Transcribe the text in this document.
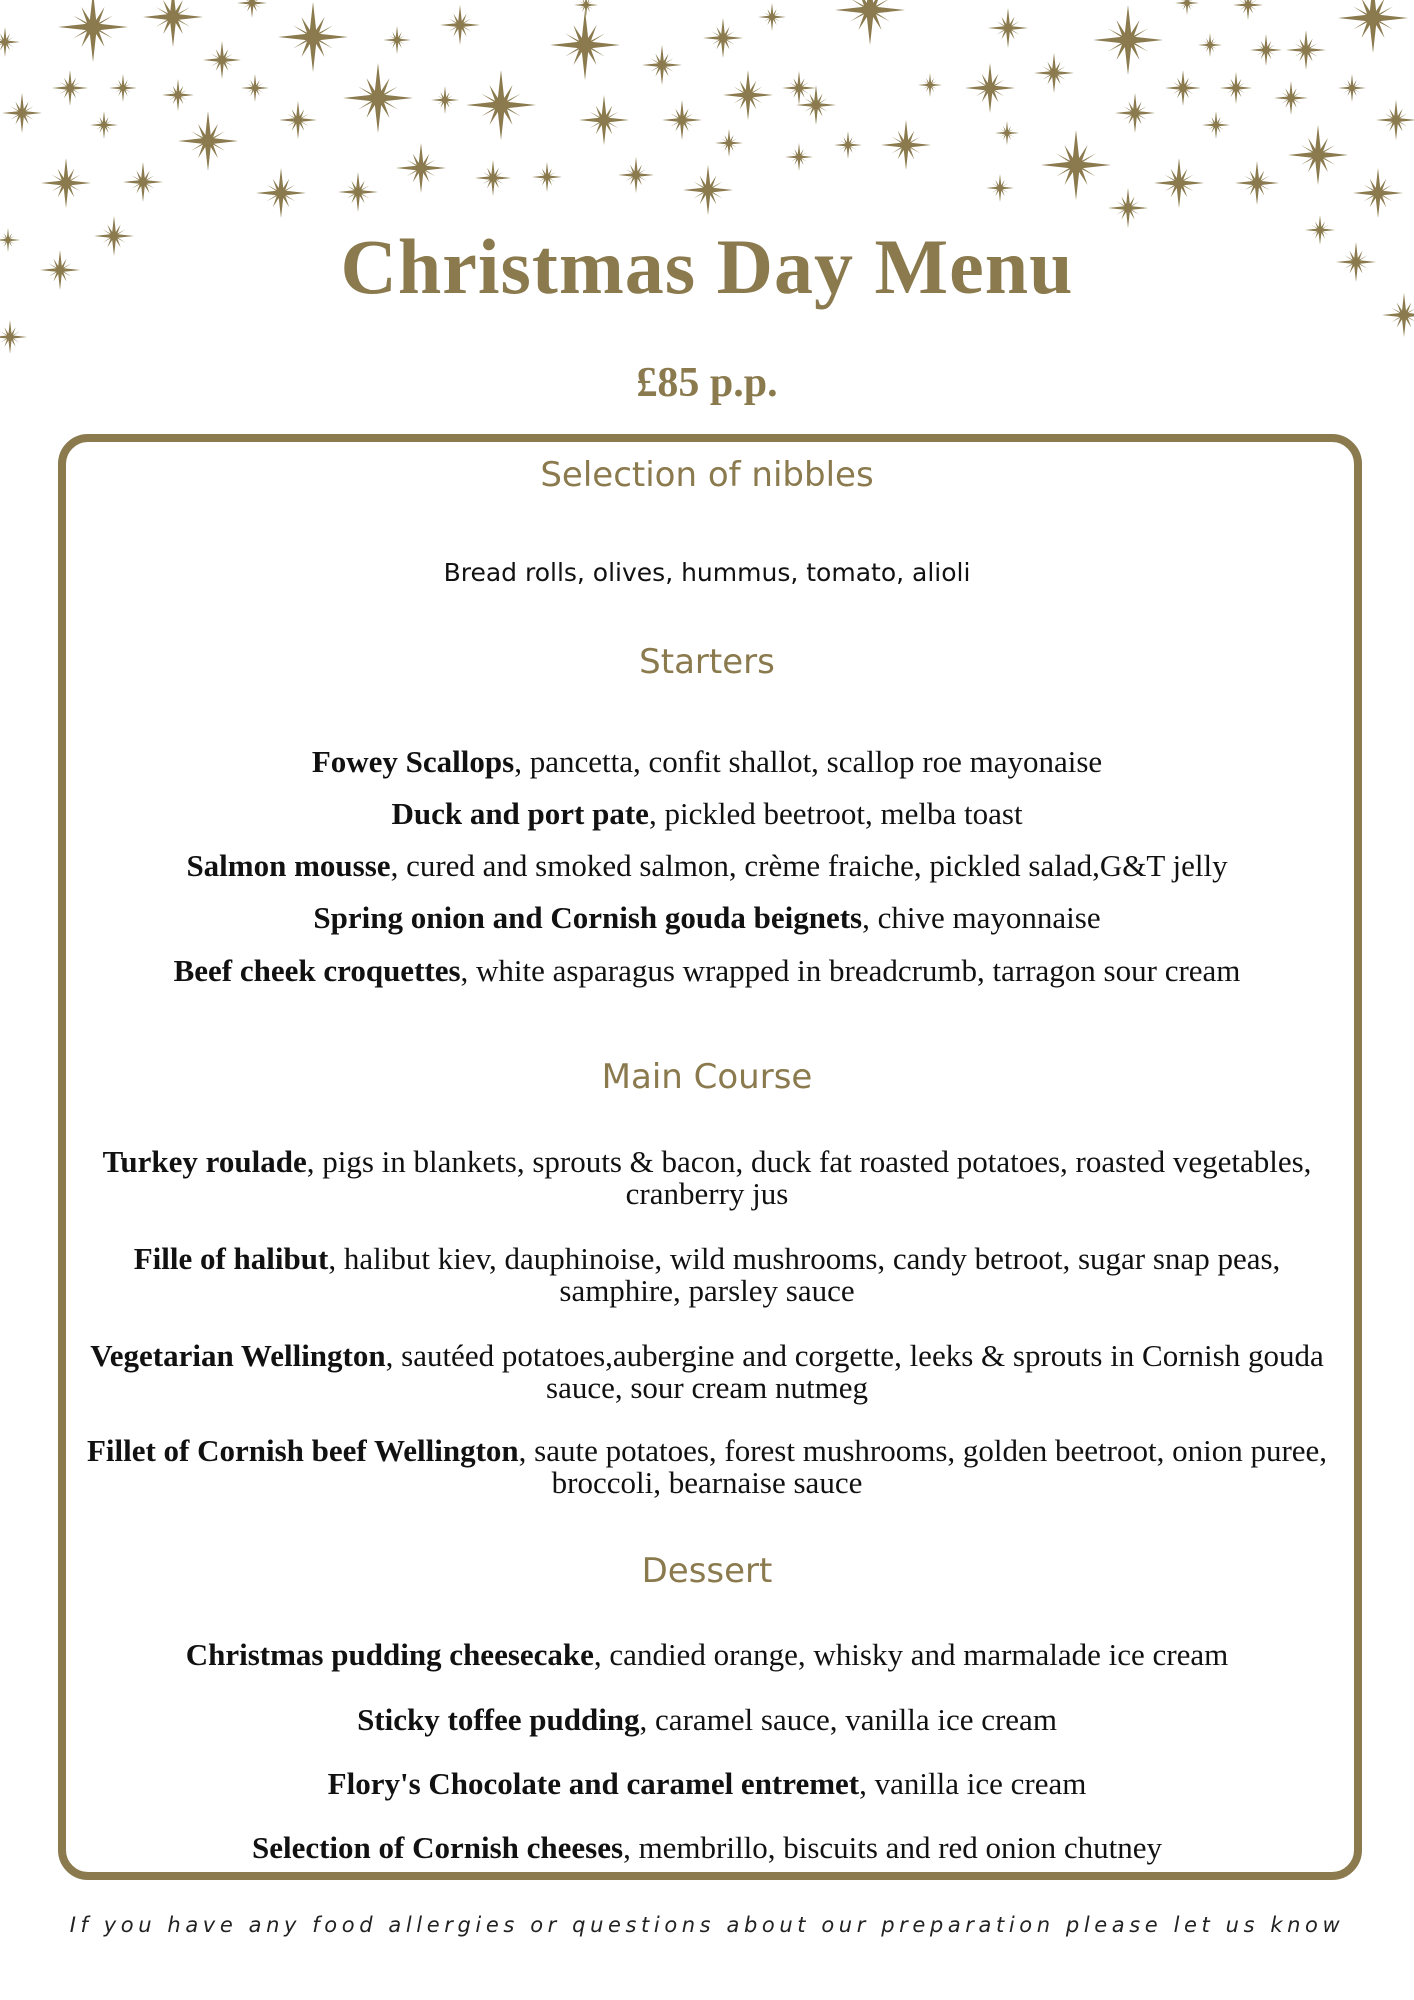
Christmas Day Menu
£85 p.p.
Selection of nibbles
Bread rolls, olives, hummus, tomato, alioli
Starters
Fowey Scallops, pancetta, confit shallot, scallop roe mayonaise
Duck and port pate, pickled beetroot, melba toast
Salmon mousse, cured and smoked salmon, crème fraiche, pickled salad,G&T jelly
Spring onion and Cornish gouda beignets, chive mayonnaise
Beef cheek croquettes, white asparagus wrapped in breadcrumb, tarragon sour cream
Main Course
Turkey roulade, pigs in blankets, sprouts & bacon, duck fat roasted potatoes, roasted vegetables, cranberry jus
Fille of halibut, halibut kiev, dauphinoise, wild mushrooms, candy betroot, sugar snap peas, samphire, parsley sauce
Vegetarian Wellington, sautéed potatoes,aubergine and corgette, leeks & sprouts in Cornish gouda sauce, sour cream nutmeg
Fillet of Cornish beef Wellington, saute potatoes, forest mushrooms, golden beetroot, onion puree, broccoli, bearnaise sauce
Dessert
Christmas pudding cheesecake, candied orange, whisky and marmalade ice cream
Sticky toffee pudding, caramel sauce, vanilla ice cream
Flory's Chocolate and caramel entremet, vanilla ice cream
Selection of Cornish cheeses, membrillo, biscuits and red onion chutney
If you have any food allergies or questions about our preparation please let us know
